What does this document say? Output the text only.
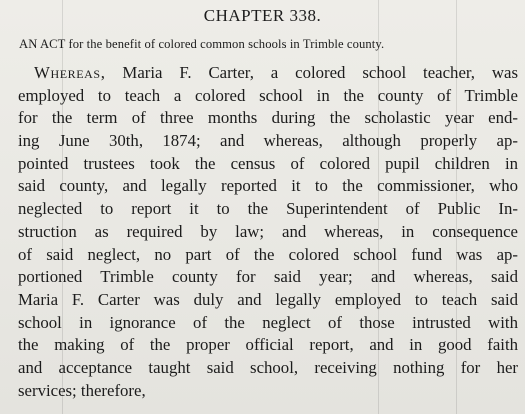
CHAPTER 338.
AN ACT for the benefit of colored common schools in Trimble county.
Whereas, Maria F. Carter, a colored school teacher, was
employed to teach a colored school in the county of Trimble
for the term of three months during the scholastic year end-
ing June 30th, 1874; and whereas, although properly ap-
pointed trustees took the census of colored pupil children in
said county, and legally reported it to the commissioner, who
neglected to report it to the Superintendent of Public In-
struction as required by law; and whereas, in consequence
of said neglect, no part of the colored school fund was ap-
portioned Trimble county for said year; and whereas, said
Maria F. Carter was duly and legally employed to teach said
school in ignorance of the neglect of those intrusted with
the making of the proper official report, and in good faith
and acceptance taught said school, receiving nothing for her
services; therefore,
